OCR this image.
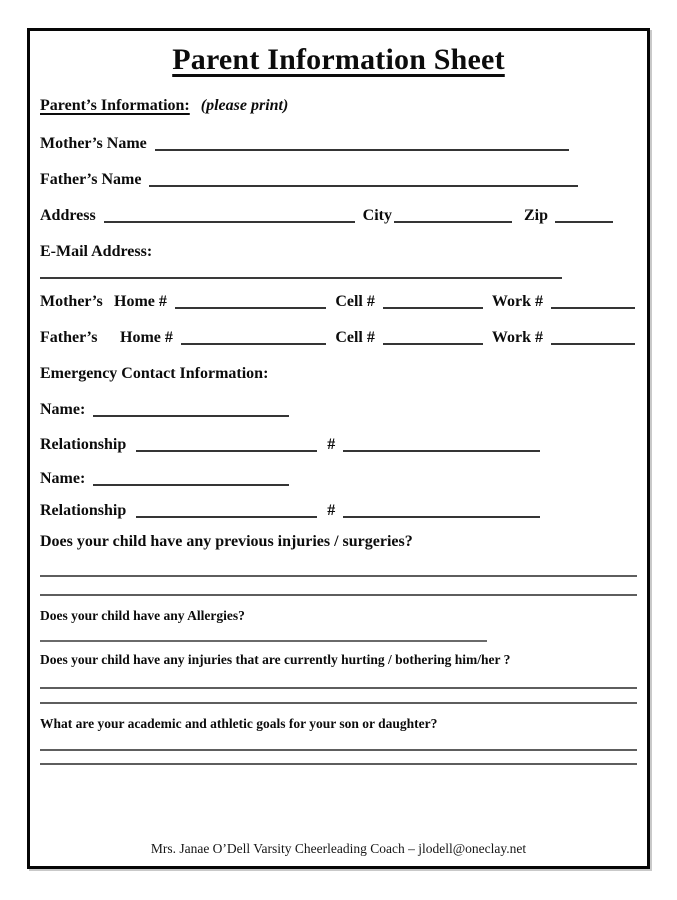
Parent Information Sheet
Parent’s Information: (please print)
Mother’s Name
Father’s Name
Address	City	Zip
E-Mail Address:
Mother’s Home #	Cell #	Work #
Father’s	Home #	Cell #	Work #
Emergency Contact Information:
Name:
Relationship	#
Name:
Relationship	#
Does your child have any previous injuries / surgeries?
Does your child have any Allergies?
Does your child have any injuries that are currently hurting / bothering him/her ?
What are your academic and athletic goals for your son or daughter?
Mrs. Janae O’Dell Varsity Cheerleading Coach – jlodell@oneclay.net
